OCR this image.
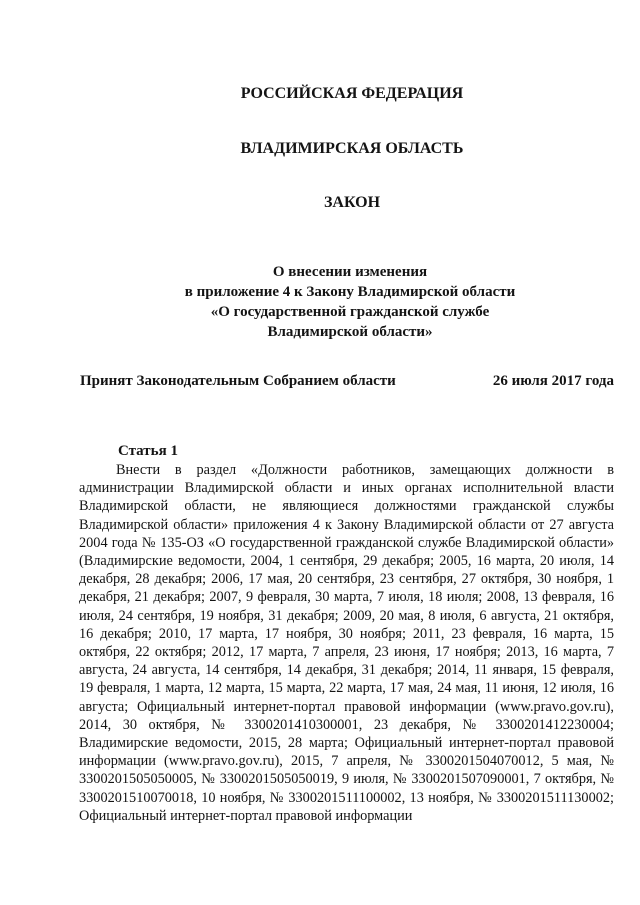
РОССИЙСКАЯ ФЕДЕРАЦИЯ
ВЛАДИМИРСКАЯ ОБЛАСТЬ
ЗАКОН
О внесении изменения
в приложение 4 к Закону Владимирской области
«О государственной гражданской службе
Владимирской области»
Принят Законодательным Собранием области	26 июля 2017 года
Статья 1
Внести в раздел «Должности работников, замещающих должности в администрации Владимирской области и иных органах исполнительной власти Владимирской области, не являющиеся должностями гражданской службы Владимирской области» приложения 4 к Закону Владимирской области от 27 августа 2004 года № 135-ОЗ «О государственной гражданской службе Владимирской области» (Владимирские ведомости, 2004, 1 сентября, 29 декабря; 2005, 16 марта, 20 июля, 14 декабря, 28 декабря; 2006, 17 мая, 20 сентября, 23 сентября, 27 октября, 30 ноября, 1 декабря, 21 декабря; 2007, 9 февраля, 30 марта, 7 июля, 18 июля; 2008, 13 февраля, 16 июля, 24 сентября, 19 ноября, 31 декабря; 2009, 20 мая, 8 июля, 6 августа, 21 октября, 16 декабря; 2010, 17 марта, 17 ноября, 30 ноября; 2011, 23 февраля, 16 марта, 15 октября, 22 октября; 2012, 17 марта, 7 апреля, 23 июня, 17 ноября; 2013, 16 марта, 7 августа, 24 августа, 14 сентября, 14 декабря, 31 декабря; 2014, 11 января, 15 февраля, 19 февраля, 1 марта, 12 марта, 15 марта, 22 марта, 17 мая, 24 мая, 11 июня, 12 июля, 16 августа; Официальный интернет-портал правовой информации (www.pravo.gov.ru), 2014, 30 октября, № 3300201410300001, 23 декабря, № 3300201412230004; Владимирские ведомости, 2015, 28 марта; Официальный интернет-портал правовой информации (www.pravo.gov.ru), 2015, 7 апреля, № 3300201504070012, 5 мая, № 3300201505050005, № 3300201505050019, 9 июля, № 3300201507090001, 7 октября, № 3300201510070018, 10 ноября, № 3300201511100002, 13 ноября, № 3300201511130002; Официальный интернет-портал правовой информации
